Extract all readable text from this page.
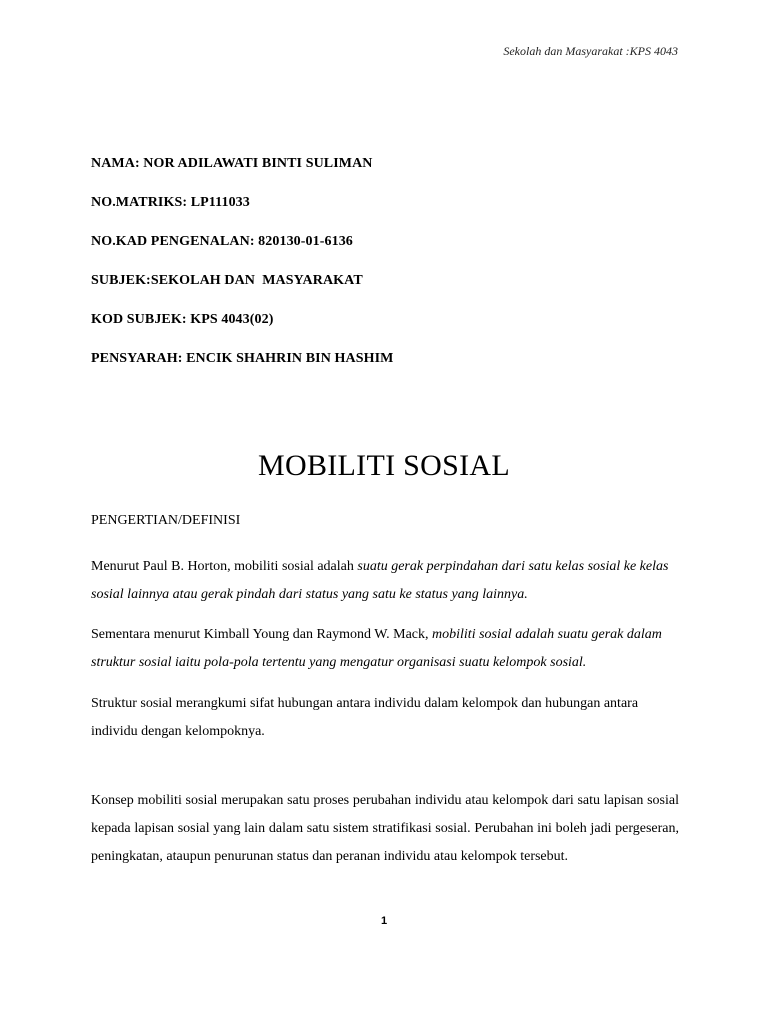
Sekolah dan Masyarakat :KPS 4043
NAMA: NOR ADILAWATI BINTI SULIMAN
NO.MATRIKS: LP111033
NO.KAD PENGENALAN: 820130-01-6136
SUBJEK:SEKOLAH DAN  MASYARAKAT
KOD SUBJEK: KPS 4043(02)
PENSYARAH: ENCIK SHAHRIN BIN HASHIM
MOBILITI SOSIAL
PENGERTIAN/DEFINISI

Menurut Paul B. Horton, mobiliti sosial adalah suatu gerak perpindahan dari satu kelas sosial ke kelas sosial lainnya atau gerak pindah dari status yang satu ke status yang lainnya.

Sementara menurut Kimball Young dan Raymond W. Mack, mobiliti sosial adalah suatu gerak dalam struktur sosial iaitu pola-pola tertentu yang mengatur organisasi suatu kelompok sosial.

Struktur sosial merangkumi sifat hubungan antara individu dalam kelompok dan hubungan antara individu dengan kelompoknya.

Konsep mobiliti sosial merupakan satu proses perubahan individu atau kelompok dari satu lapisan sosial kepada lapisan sosial yang lain dalam satu sistem stratifikasi sosial. Perubahan ini boleh jadi pergeseran, peningkatan, ataupun penurunan status dan peranan individu atau kelompok tersebut.

1
